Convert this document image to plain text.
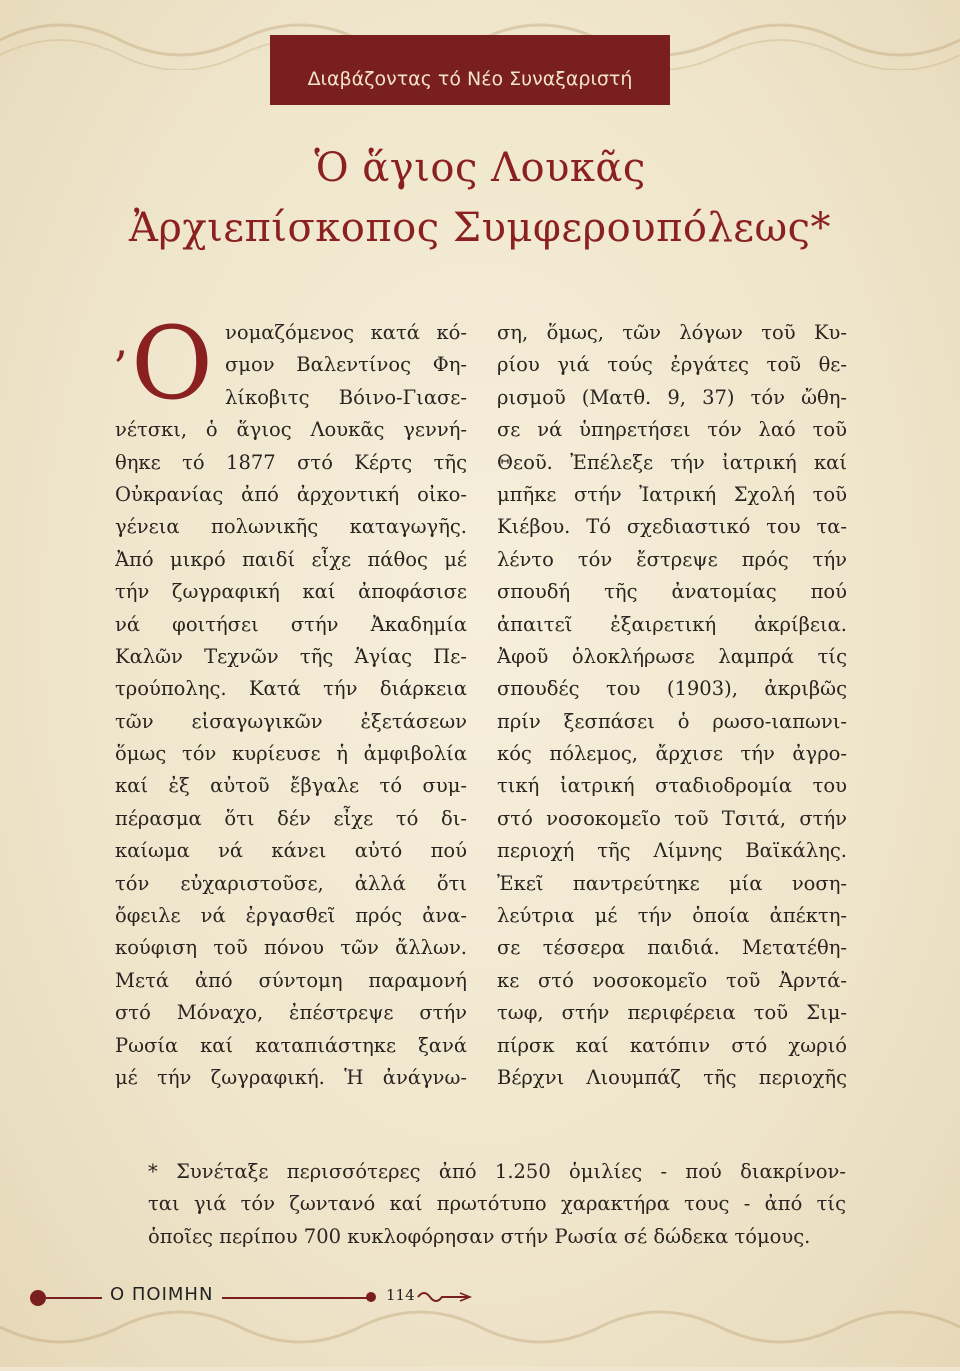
Διαβάζοντας τό Νέο Συναξαριστή
Ὁ ἅγιος Λουκᾶς
Ἀρχιεπίσκοπος Συμφερουπόλεως*
’ Ο νομαζόμενος κατά κό-
σμον Βαλεντίνος Φη-
λίκοβιτς Βόινο-Γιασε-
νέτσκι, ὁ ἅγιος Λουκᾶς γεννή-
θηκε τό 1877 στό Κέρτς τῆς
Οὐκρανίας ἀπό ἀρχοντική οἰκο-
γένεια πολωνικῆς καταγωγῆς.
Ἀπό μικρό παιδί εἶχε πάθος μέ
τήν ζωγραφική καί ἀποφάσισε
νά φοιτήσει στήν Ἀκαδημία
Καλῶν Τεχνῶν τῆς Ἁγίας Πε-
τρούπολης. Κατά τήν διάρκεια
τῶν εἰσαγωγικῶν ἐξετάσεων
ὅμως τόν κυρίευσε ἡ ἀμφιβολία
καί ἐξ αὐτοῦ ἔβγαλε τό συμ-
πέρασμα ὅτι δέν εἶχε τό δι-
καίωμα νά κάνει αὐτό πού
τόν εὐχαριστοῦσε, ἀλλά ὅτι
ὄφειλε νά ἐργασθεῖ πρός ἀνα-
κούφιση τοῦ πόνου τῶν ἄλλων.
Μετά ἀπό σύντομη παραμονή
στό Μόναχο, ἐπέστρεψε στήν
Ρωσία καί καταπιάστηκε ξανά
μέ τήν ζωγραφική. Ἡ ἀνάγνω-
ση, ὅμως, τῶν λόγων τοῦ Κυ-
ρίου γιά τούς ἐργάτες τοῦ θε-
ρισμοῦ (Ματθ. 9, 37) τόν ὤθη-
σε νά ὑπηρετήσει τόν λαό τοῦ
Θεοῦ. Ἐπέλεξε τήν ἰατρική καί
μπῆκε στήν Ἰατρική Σχολή τοῦ
Κιέβου. Τό σχεδιαστικό του τα-
λέντο τόν ἔστρεψε πρός τήν
σπουδή τῆς ἀνατομίας πού
ἀπαιτεῖ ἐξαιρετική ἀκρίβεια.
Ἀφοῦ ὁλοκλήρωσε λαμπρά τίς
σπουδές του (1903), ἀκριβῶς
πρίν ξεσπάσει ὁ ρωσο-ιαπωνι-
κός πόλεμος, ἄρχισε τήν ἀγρο-
τική ἰατρική σταδιοδρομία του
στό νοσοκομεῖο τοῦ Τσιτά, στήν
περιοχή τῆς Λίμνης Βαϊκάλης.
Ἐκεῖ παντρεύτηκε μία νοση-
λεύτρια μέ τήν ὁποία ἀπέκτη-
σε τέσσερα παιδιά. Μετατέθη-
κε στό νοσοκομεῖο τοῦ Ἀρντά-
τωφ, στήν περιφέρεια τοῦ Σιμ-
πίρσκ καί κατόπιν στό χωριό
Βέρχνι Λιουμπάζ τῆς περιοχῆς
* Συνέταξε περισσότερες ἀπό 1.250 ὁμιλίες - πού διακρίνον-
ται γιά τόν ζωντανό καί πρωτότυπο χαρακτήρα τους - ἀπό τίς
ὁποῖες περίπου 700 κυκλοφόρησαν στήν Ρωσία σέ δώδεκα τόμους.
Ο ΠΟΙΜΗΝ	114
